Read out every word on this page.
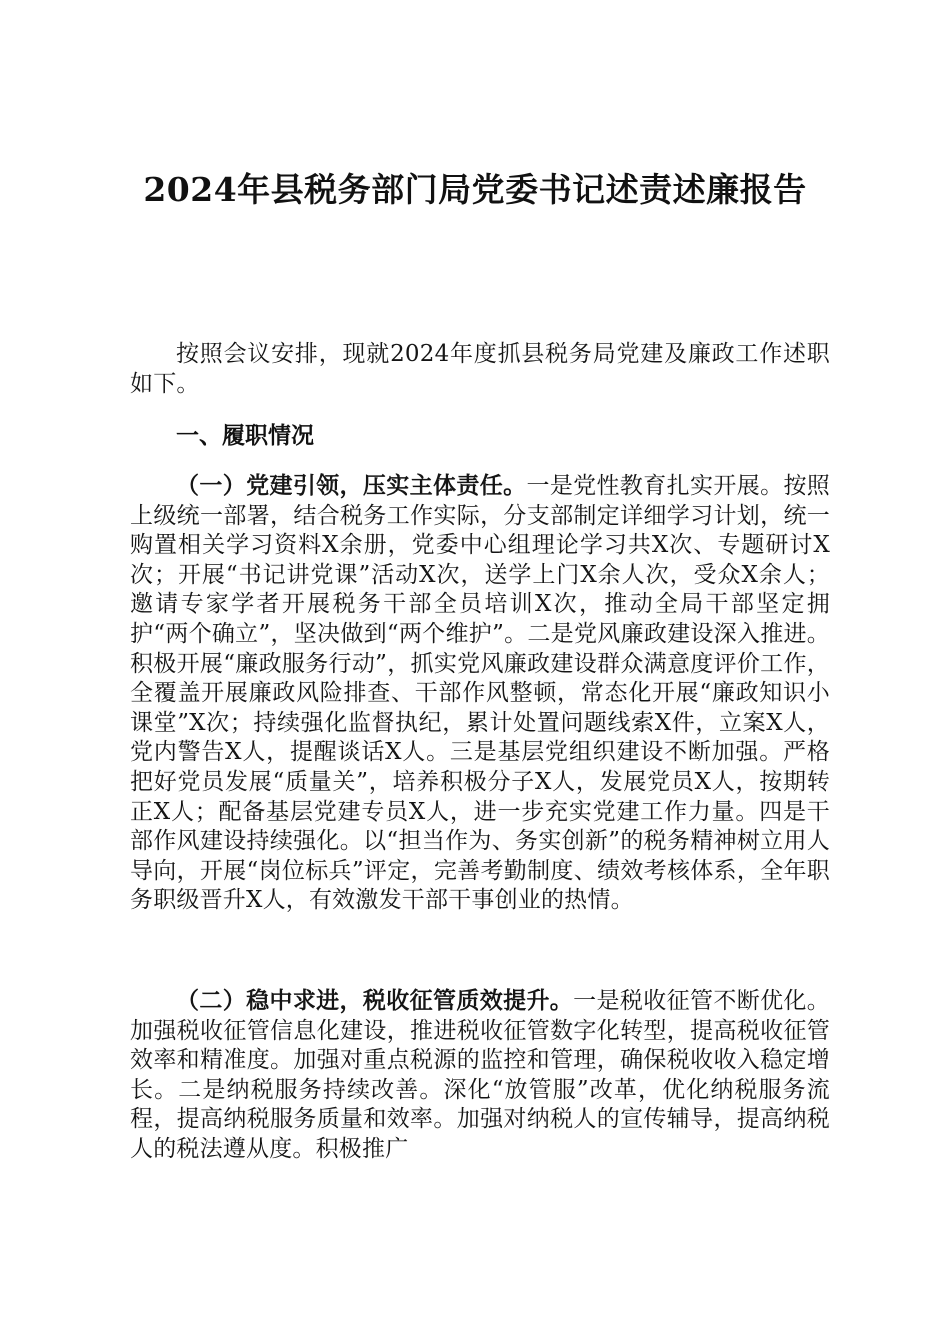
2024年县税务部门局党委书记述责述廉报告
按照会议安排，现就2024年度抓县税务局党建及廉政工作述职如下。
一、履职情况
（一）党建引领，压实主体责任。一是党性教育扎实开展。按照上级统一部署，结合税务工作实际，分支部制定详细学习计划，统一购置相关学习资料X余册，党委中心组理论学习共X次、专题研讨X次；开展“书记讲党课”活动X次，送学上门X余人次，受众X余人；邀请专家学者开展税务干部全员培训X次，推动全局干部坚定拥护“两个确立”，坚决做到“两个维护”。二是党风廉政建设深入推进。积极开展“廉政服务行动”，抓实党风廉政建设群众满意度评价工作，全覆盖开展廉政风险排查、干部作风整顿，常态化开展“廉政知识小课堂”X次；持续强化监督执纪，累计处置问题线索X件，立案X人，党内警告X人，提醒谈话X人。三是基层党组织建设不断加强。严格把好党员发展“质量关”，培养积极分子X人，发展党员X人，按期转正X人；配备基层党建专员X人，进一步充实党建工作力量。四是干部作风建设持续强化。以“担当作为、务实创新”的税务精神树立用人导向，开展“岗位标兵”评定，完善考勤制度、绩效考核体系，全年职务职级晋升X人，有效激发干部干事创业的热情。
（二）稳中求进，税收征管质效提升。一是税收征管不断优化。加强税收征管信息化建设，推进税收征管数字化转型，提高税收征管效率和精准度。加强对重点税源的监控和管理，确保税收收入稳定增长。二是纳税服务持续改善。深化“放管服”改革，优化纳税服务流程，提高纳税服务质量和效率。加强对纳税人的宣传辅导，提高纳税人的税法遵从度。积极推广
